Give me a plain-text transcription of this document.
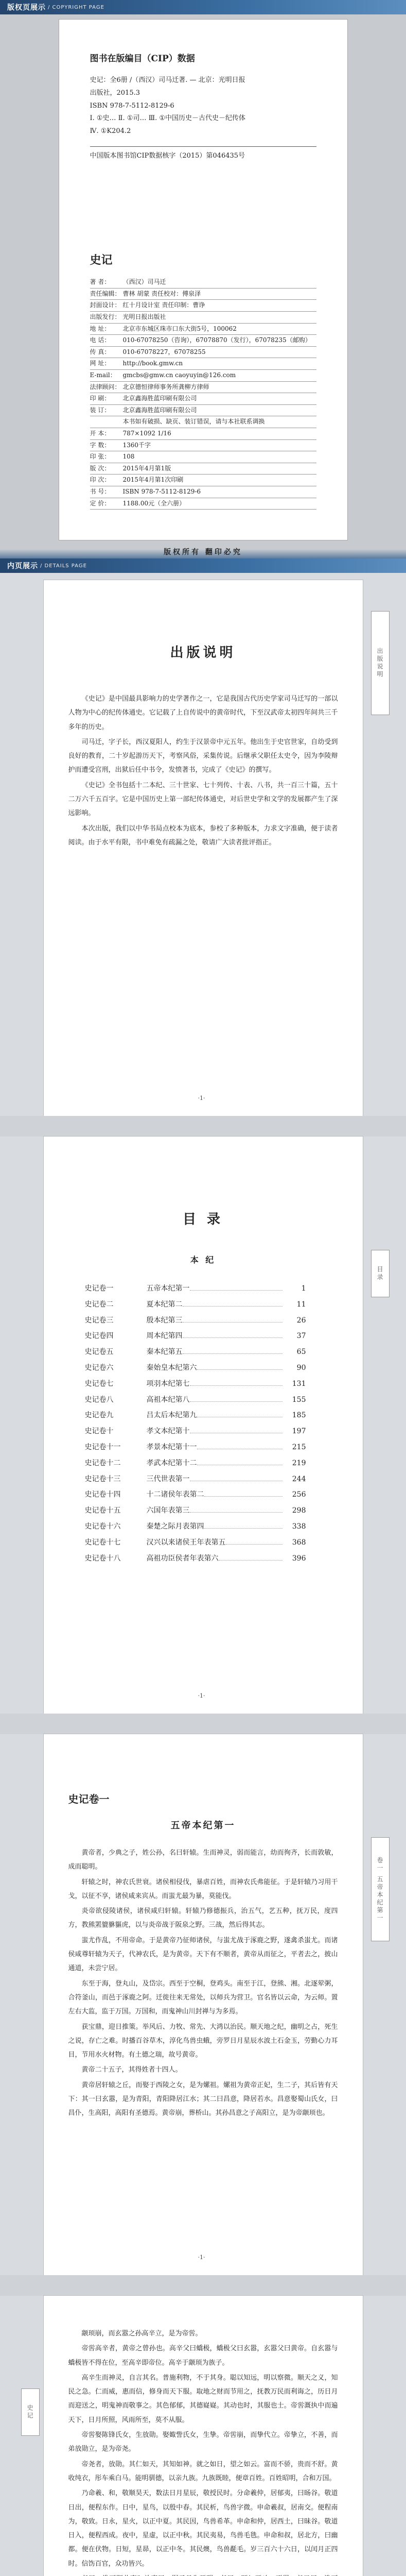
版权页展示 / COPYRIGHT PAGE
图书在版编目（CIP）数据

史记：全6册 /（西汉）司马迁著. — 北京：光明日报

出版社，2015.3

ISBN 978-7-5112-8129-6

Ⅰ. ①史… Ⅱ. ①司… Ⅲ. ①中国历史－古代史－纪传体

Ⅳ. ①K204.2

中国版本图书馆CIP数据核字（2015）第046435号

史记
著 者：	（西汉）司马迁
责任编辑： 曹林 胡蒙 责任校对：傅泉泽
封面设计： 红十月设计室 责任印制：曹诤
出版发行： 光明日报出版社
地 址：	北京市东城区珠市口东大街5号，100062
电 话：	010-67078250（咨询），67078870（发行），67078235（邮购）
传 真：	010-67078227，67078255
网 址：	http://book.gmw.cn
E-mail：	gmcbs@gmw.cn caoyuyin@126.com
法律顾问： 北京德恒律师事务所龚柳方律师
印 刷：	北京鑫海胜蓝印刷有限公司
装 订：	北京鑫海胜蓝印刷有限公司
本书如有破损、缺页、装订错误，请与本社联系调换
开 本：	787×1092 1/16
字 数：	1360千字
印 张：	108
版 次：	2015年4月第1版
印 次：	2015年4月第1次印刷
书 号：	ISBN 978-7-5112-8129-6
定 价：	1188.00元（全六册）
版权所有 翻印必究
内页展示 / DETAILS PAGE
出版说明
出版说明

《史记》是中国最具影响力的史学著作之一，它是我国古代历史学家司马迁写的一部以人物为中心的纪传体通史。它记载了上自传说中的黄帝时代，下至汉武帝太初四年间共三千多年的历史。

司马迁，字子长，西汉夏阳人，约生于汉景帝中元五年。他出生于史官世家，自幼受到良好的教育，二十岁起游历天下，考察风俗，采集传说。后继承父职任太史令，因为李陵辩护而遭受宫刑，出狱后任中书令，发愤著书，完成了《史记》的撰写。

《史记》全书包括十二本纪、三十世家、七十列传、十表、八书，共一百三十篇，五十二万六千五百字。它是中国历史上第一部纪传体通史，对后世史学和文学的发展都产生了深远影响。

本次出版，我们以中华书局点校本为底本，参校了多种版本，力求文字准确，便于读者阅读。由于水平有限，书中难免有疏漏之处，敬请广大读者批评指正。

·1·
目录
目 录
本 纪
史记卷一	五帝本纪第一	1
史记卷二	夏本纪第二	11
史记卷三	殷本纪第三	26
史记卷四	周本纪第四	37
史记卷五	秦本纪第五	65
史记卷六	秦始皇本纪第六	90
史记卷七	项羽本纪第七	131
史记卷八	高祖本纪第八	155
史记卷九	吕太后本纪第九	185
史记卷十	孝文本纪第十	197
史记卷十一	孝景本纪第十一	215
史记卷十二	孝武本纪第十二	219
史记卷十三	三代世表第一	244
史记卷十四	十二诸侯年表第二	256
史记卷十五	六国年表第三	298
史记卷十六	秦楚之际月表第四	338
史记卷十七	汉兴以来诸侯王年表第五	368
史记卷十八	高祖功臣侯者年表第六	396
·1·
卷一 五帝本纪第一
史记卷一
五帝本纪第一

黄帝者，少典之子，姓公孙，名曰轩辕。生而神灵，弱而能言，幼而徇齐，长而敦敏，成而聪明。

轩辕之时，神农氏世衰。诸侯相侵伐，暴虐百姓，而神农氏弗能征。于是轩辕乃习用干戈，以征不享，诸侯咸来宾从。而蚩尤最为暴，莫能伐。

炎帝欲侵陵诸侯，诸侯咸归轩辕。轩辕乃修德振兵，治五气，艺五种，抚万民，度四方，教熊罴貔貅貙虎，以与炎帝战于阪泉之野。三战，然后得其志。

蚩尤作乱，不用帝命。于是黄帝乃征师诸侯，与蚩尤战于涿鹿之野，遂禽杀蚩尤。而诸侯咸尊轩辕为天子，代神农氏，是为黄帝。天下有不顺者，黄帝从而征之，平者去之，披山通道，未尝宁居。

东至于海，登丸山，及岱宗。西至于空桐，登鸡头。南至于江，登熊、湘。北逐荤粥，合符釜山，而邑于涿鹿之阿。迁徙往来无常处，以师兵为营卫。官名皆以云命，为云师。置左右大监，监于万国。万国和，而鬼神山川封禅与为多焉。

获宝鼎，迎日推策。举风后、力牧、常先、大鸿以治民。顺天地之纪，幽明之占，死生之说，存亡之难。时播百谷草木，淳化鸟兽虫蛾，旁罗日月星辰水波土石金玉，劳勤心力耳目，节用水火材物。有土德之瑞，故号黄帝。

黄帝二十五子，其得姓者十四人。

黄帝居轩辕之丘，而娶于西陵之女，是为嫘祖。嫘祖为黄帝正妃，生二子，其后皆有天下：其一曰玄嚣，是为青阳，青阳降居江水；其二曰昌意，降居若水。昌意娶蜀山氏女，曰昌仆，生高阳，高阳有圣德焉。黄帝崩，葬桥山。其孙昌意之子高阳立，是为帝颛顼也。

·1·
史记

颛顼崩，而玄嚣之孙高辛立，是为帝喾。

帝喾高辛者，黄帝之曾孙也。高辛父曰蟜极，蟜极父曰玄嚣，玄嚣父曰黄帝。自玄嚣与蟜极皆不得在位，至高辛即帝位。高辛于颛顼为族子。

高辛生而神灵，自言其名。普施利物，不于其身。聪以知远，明以察微。顺天之义，知民之急。仁而威，惠而信，修身而天下服。取地之财而节用之，抚教万民而利诲之，历日月而迎送之，明鬼神而敬事之。其色郁郁，其德嶷嶷。其动也时，其服也士。帝喾溉执中而遍天下，日月所照，风雨所至，莫不从服。

帝喾娶陈锋氏女，生放勋。娶娵訾氏女，生挚。帝喾崩，而挚代立。帝挚立，不善，而弟放勋立，是为帝尧。

帝尧者，放勋。其仁如天，其知如神。就之如日，望之如云。富而不骄，贵而不舒。黄收纯衣，彤车乘白马。能明驯德，以亲九族。九族既睦，便章百姓。百姓昭明，合和万国。

乃命羲、和，敬顺昊天，数法日月星辰，敬授民时。分命羲仲，居郁夷，曰旸谷。敬道日出，便程东作。日中，星鸟，以殷中春。其民析，鸟兽字微。申命羲叔，居南交。便程南为，敬致。日永，星火，以正中夏。其民因，鸟兽希革。申命和仲，居西土，曰昧谷。敬道日入，便程西成。夜中，星虚，以正中秋。其民夷易，鸟兽毛毨。申命和叔，居北方，曰幽都。便在伏物。日短，星昴，以正中冬。其民燠，鸟兽氄毛。岁三百六十六日，以闰月正四时。信饬百官，众功皆兴。
